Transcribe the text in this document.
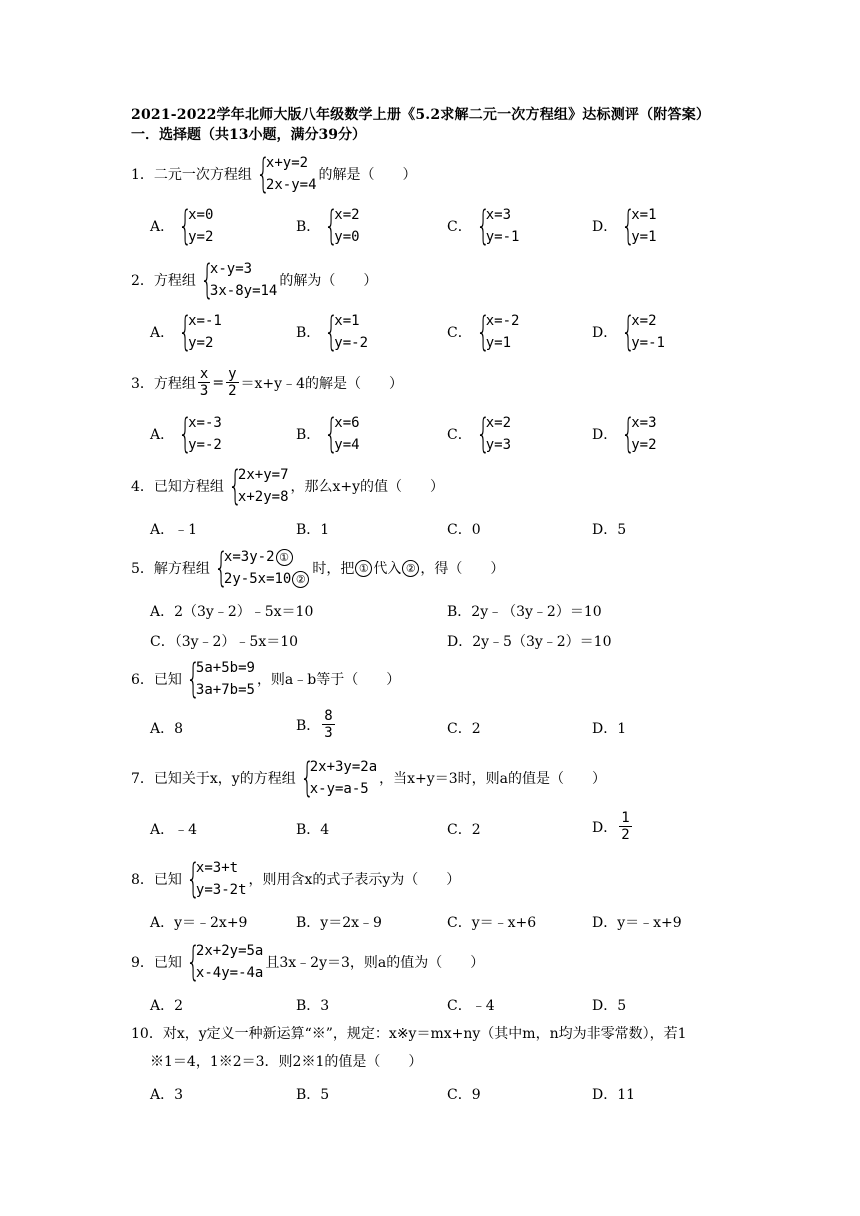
2021-2022学年北师大版八年级数学上册《5.2求解二元一次方程组》达标测评（附答案）
一．选择题（共13小题，满分39分）
1．二元一次方程组 {
x+y=2
2x-y=4
的解是（　　）
A． {
x=0
y=2
B． {
x=2
y=0
C． {
x=3
y=-1
D． {
x=1
y=1
2．方程组 {
x-y=3
3x-8y=14
的解为（　　）
A． {
x=-1
y=2
B． {
x=1
y=-2
C． {
x=-2
y=1
D． {
x=2
y=-1
3．方程组 $\frac{x}{3} = \frac{y}{2}$ ＝x+y﹣4的解是（　　）
A． {
x=-3
y=-2
B． {
x=6
y=4
C． {
x=2
y=3
D． {
x=3
y=2
4．已知方程组 {
2x+y=7
x+2y=8
，那么x+y的值（　　）
A．﹣1	B．1	C．0	D．5
5．解方程组 {
x=3y-2 ①
2y-5x=10 ②
时，把 ① 代入 ② ，得（　　）
A．2（3y﹣2）﹣5x＝10	B．2y﹣（3y﹣2）＝10
C．（3y﹣2）﹣5x＝10	D．2y﹣5（3y﹣2）＝10
6．已知 {
5a+5b=9
3a+7b=5
，则a﹣b等于（　　）
A．8	B． $\frac{8}{3}$	C．2	D．1
7．已知关于x，y的方程组 {
2x+3y=2a
x-y=a-5
，当x+y＝3时，则a的值是（　　）
A．﹣4	B．4	C．2	D． $\frac{1}{2}$
8．已知 {
x=3+t
y=3-2t
，则用含x的式子表示y为（　　）
A．y＝﹣2x+9	B．y＝2x﹣9	C．y＝﹣x+6	D．y＝﹣x+9
9．已知 {
2x+2y=5a
x-4y=-4a
且3x﹣2y＝3，则a的值为（　　）
A．2	B．3	C．﹣4	D．5
10．对x，y定义一种新运算“※”，规定：x※y＝mx+ny（其中m，n均为非零常数），若1
※1＝4，1※2＝3．则2※1的值是（　　）
A．3	B．5	C．9	D．11
